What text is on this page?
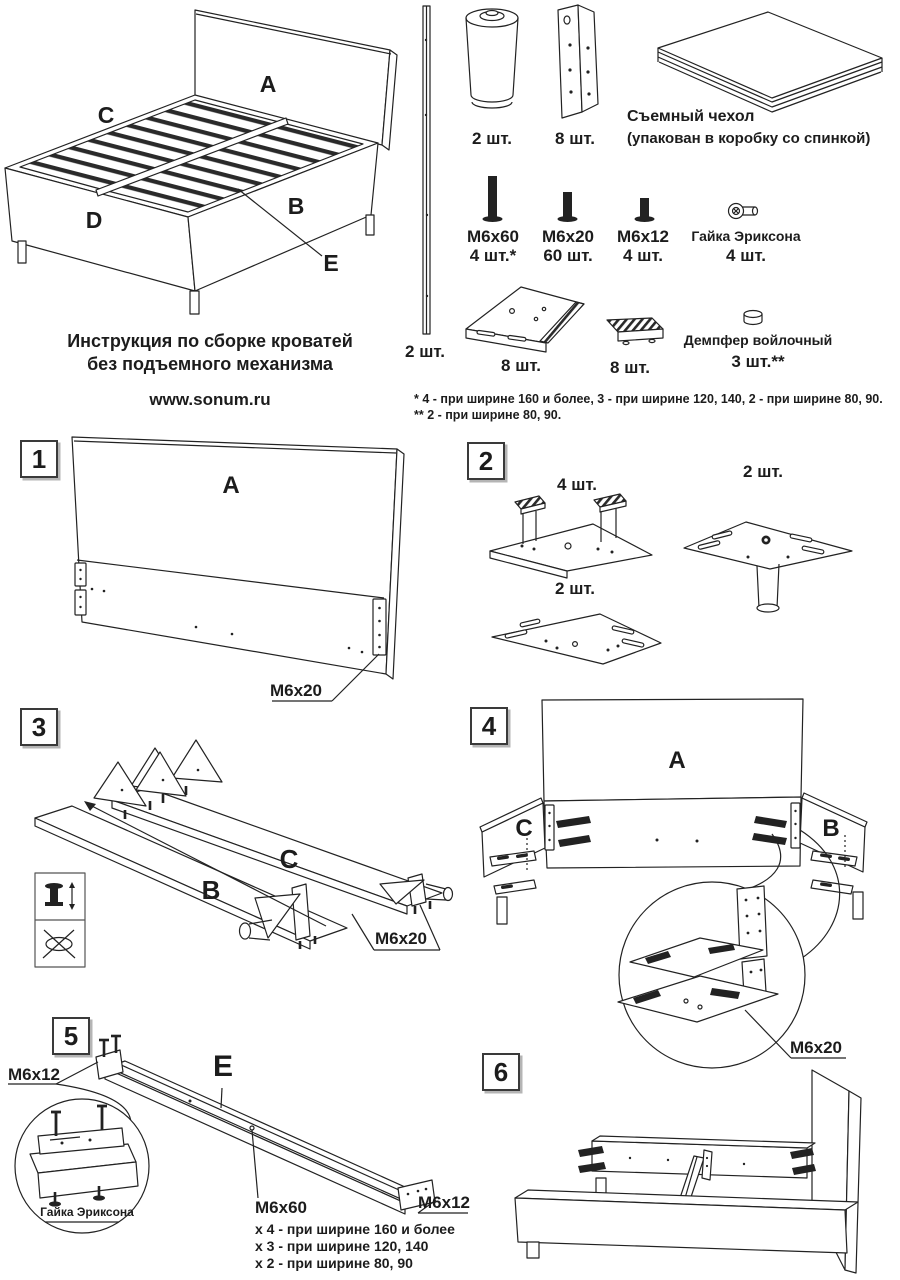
Инструкция по сборке кроватей
без подъемного механизма
www.sonum.ru
A
C
D
B
E
2 шт.
2 шт.	8 шт.
Съемный чехол
(упакован в коробку со спинкой)
M6x60
4 шт.*
M6x20
60 шт.
M6x12
4 шт.
Гайка Эриксона
4 шт.
8 шт.	8 шт.
Демпфер войлочный
3 шт.**
* 4 - при ширине 160 и более, 3 - при ширине 120, 140, 2 - при ширине 80, 90.
** 2 - при ширине 80, 90.
1	2
3	4
5
6
A
M6x20
4 шт.
2 шт.
2 шт.
B
C
M6x20
A
C	B
M6x20
M6x12	E
Гайка Эриксона	M6x60
x 4 - при ширине 160 и более
x 3 - при ширине 120, 140
x 2 - при ширине 80, 90
M6x12
